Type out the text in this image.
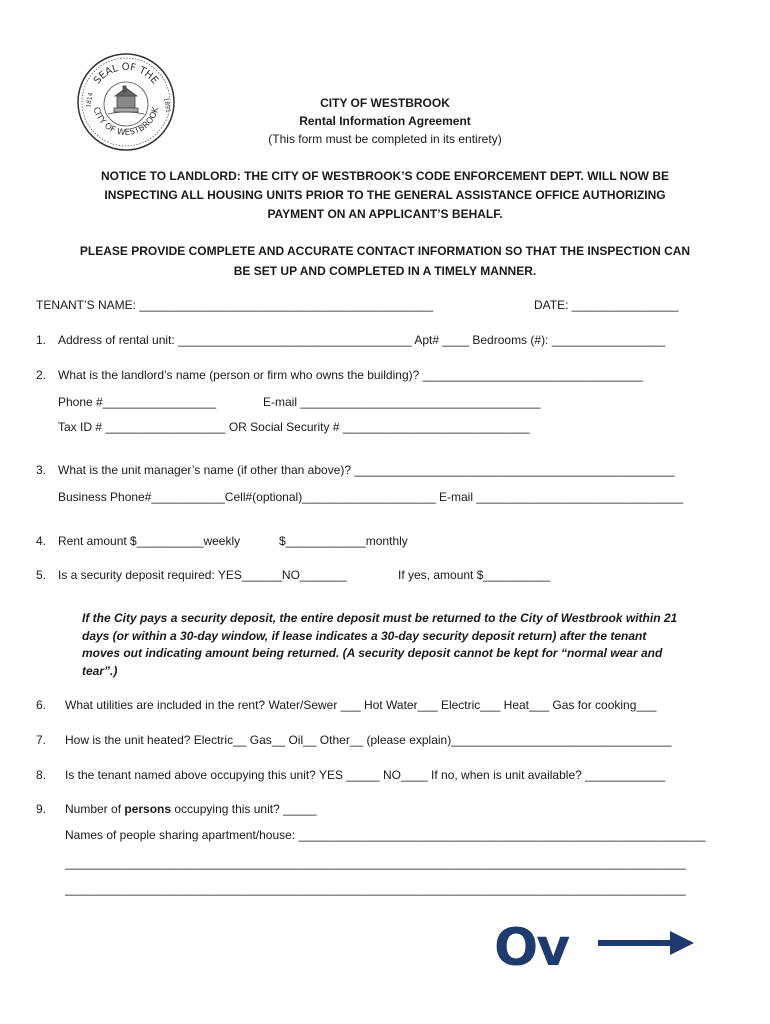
SEAL OF THE
CITY OF WESTBROOK
1814	1891	CITY OF WESTBROOK
Rental Information Agreement
(This form must be completed in its entirety)
NOTICE TO LANDLORD: THE CITY OF WESTBROOK’S CODE ENFORCEMENT DEPT. WILL NOW BE
INSPECTING ALL HOUSING UNITS PRIOR TO THE GENERAL ASSISTANCE OFFICE AUTHORIZING
PAYMENT ON AN APPLICANT’S BEHALF.
PLEASE PROVIDE COMPLETE AND ACCURATE CONTACT INFORMATION SO THAT THE INSPECTION CAN
BE SET UP AND COMPLETED IN A TIMELY MANNER.
TENANT’S NAME: ____________________________________________	DATE: ________________
1. Address of rental unit: ___________________________________ Apt# ____ Bedrooms (#): _________________
2. What is the landlord’s name (person or firm who owns the building)? _________________________________
Phone #_________________	E-mail ____________________________________
Tax ID # __________________ OR Social Security # ____________________________
3. What is the unit manager’s name (if other than above)? ________________________________________________
Business Phone#___________Cell#(optional)____________________ E-mail _______________________________
4. Rent amount $__________weekly	$____________monthly
5. Is a security deposit required: YES______NO_______	If yes, amount $__________
If the City pays a security deposit, the entire deposit must be returned to the City of Westbrook within 21 days (or within a 30-day window, if lease indicates a 30-day security deposit return) after the tenant moves out indicating amount being returned. (A security deposit cannot be kept for “normal wear and tear”.)
6. What utilities are included in the rent? Water/Sewer ___ Hot Water___ Electric___ Heat___ Gas for cooking___
7. How is the unit heated? Electric__ Gas__ Oil__ Other__ (please explain)_________________________________
8. Is the tenant named above occupying this unit? YES _____ NO____ If no, when is unit available? ____________
9. Number of persons occupying this unit? _____
Names of people sharing apartment/house: _____________________________________________________________
_____________________________________________________________________________________________
_____________________________________________________________________________________________
Ov
